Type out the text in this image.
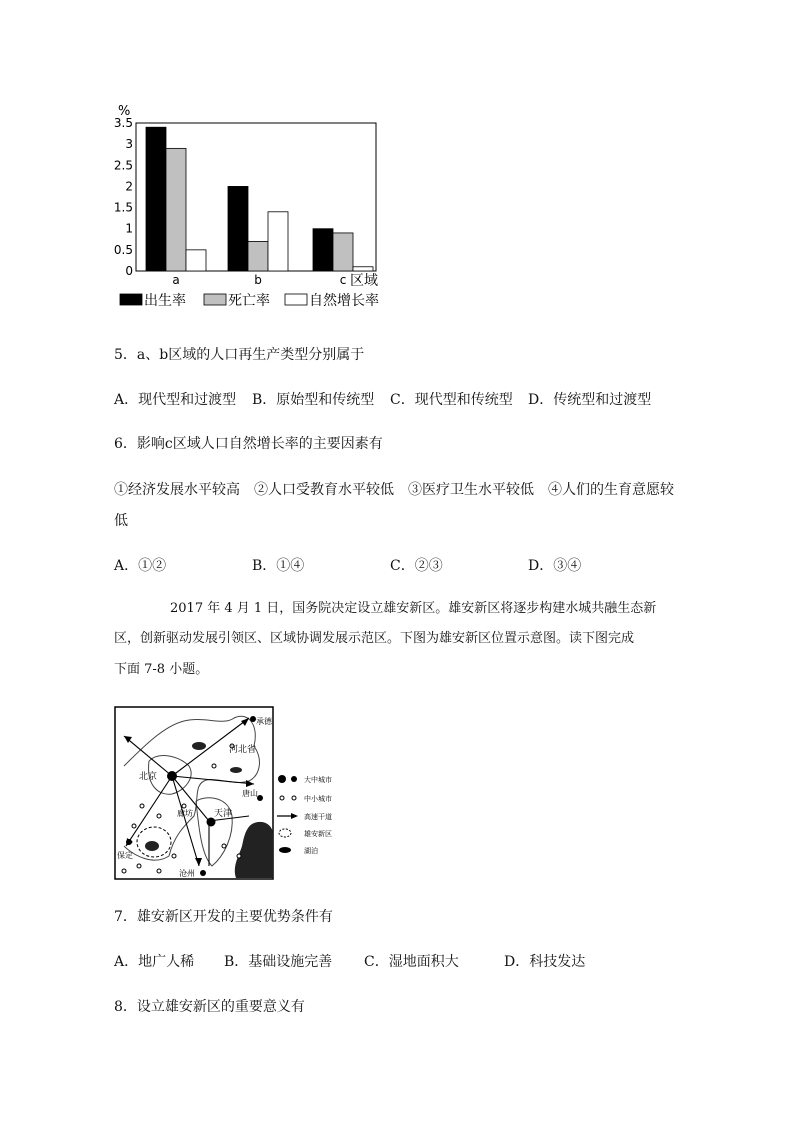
%
3.5
3
2.5
2
1.5
1
0.5
0
a	b	c 区域
出生率	死亡率	自然增长率
5．a、b区域的人口再生产类型分别属于
A．现代型和过渡型 B．原始型和传统型 C．现代型和传统型 D．传统型和过渡型
6．影响c区域人口自然增长率的主要因素有
①经济发展水平较高　②人口受教育水平较低　③医疗卫生水平较低　④人们的生育意愿较
低
A．①②	B．①④	C．②③	D．③④
2017 年 4 月 1 日，国务院决定设立雄安新区。雄安新区将逐步构建水城共融生态新
区，创新驱动发展引领区、区域协调发展示范区。下图为雄安新区位置示意图。读下图完成
下面 7-8 小题。
承德
河北省
北京
唐山
天津
廊坊
保定
沧州
大中城市
中小城市
高速干道
雄安新区
湖泊
7．雄安新区开发的主要优势条件有
A．地广人稀 B．基础设施完善 C．湿地面积大	D．科技发达
8．设立雄安新区的重要意义有
